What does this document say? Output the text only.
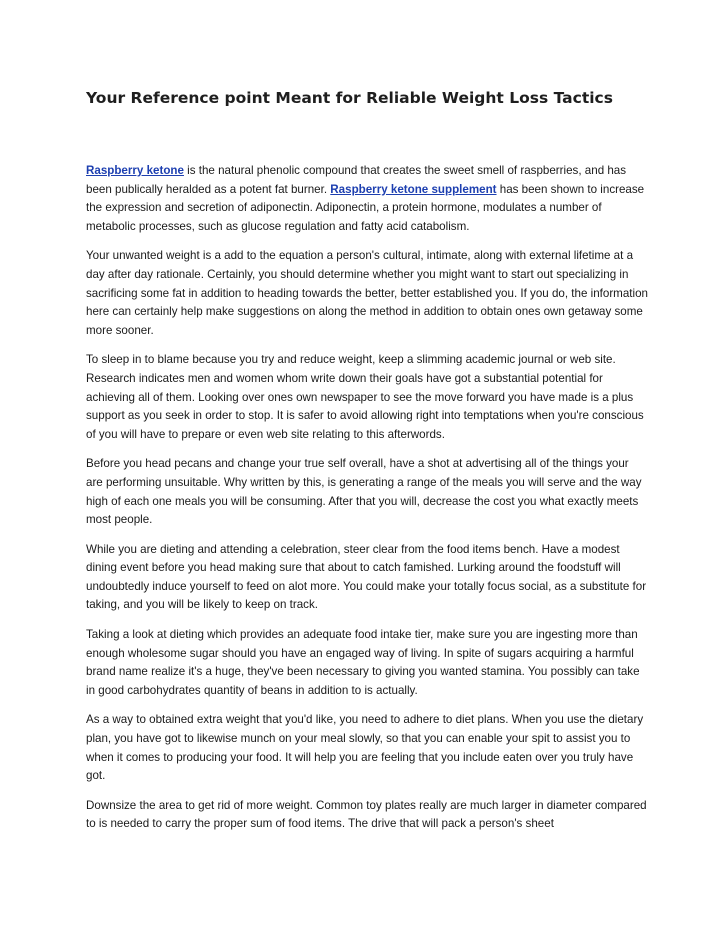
Your Reference point Meant for Reliable Weight Loss Tactics

Raspberry ketone is the natural phenolic compound that creates the sweet smell of raspberries, and has been publically heralded as a potent fat burner. Raspberry ketone supplement has been shown to increase the expression and secretion of adiponectin. Adiponectin, a protein hormone, modulates a number of metabolic processes, such as glucose regulation and fatty acid catabolism.

Your unwanted weight is a add to the equation a person's cultural, intimate, along with external lifetime at a day after day rationale. Certainly, you should determine whether you might want to start out specializing in sacrificing some fat in addition to heading towards the better, better established you. If you do, the information here can certainly help make suggestions on along the method in addition to obtain ones own getaway some more sooner.

To sleep in to blame because you try and reduce weight, keep a slimming academic journal or web site. Research indicates men and women whom write down their goals have got a substantial potential for achieving all of them. Looking over ones own newspaper to see the move forward you have made is a plus support as you seek in order to stop. It is safer to avoid allowing right into temptations when you're conscious of you will have to prepare or even web site relating to this afterwords.

Before you head pecans and change your true self overall, have a shot at advertising all of the things your are performing unsuitable. Why written by this, is generating a range of the meals you will serve and the way high of each one meals you will be consuming. After that you will, decrease the cost you what exactly meets most people.

While you are dieting and attending a celebration, steer clear from the food items bench. Have a modest dining event before you head making sure that about to catch famished. Lurking around the foodstuff will undoubtedly induce yourself to feed on alot more. You could make your totally focus social, as a substitute for taking, and you will be likely to keep on track.

Taking a look at dieting which provides an adequate food intake tier, make sure you are ingesting more than enough wholesome sugar should you have an engaged way of living. In spite of sugars acquiring a harmful brand name realize it's a huge, they've been necessary to giving you wanted stamina. You possibly can take in good carbohydrates quantity of beans in addition to is actually.

As a way to obtained extra weight that you'd like, you need to adhere to diet plans. When you use the dietary plan, you have got to likewise munch on your meal slowly, so that you can enable your spit to assist you to when it comes to producing your food. It will help you are feeling that you include eaten over you truly have got.

Downsize the area to get rid of more weight. Common toy plates really are much larger in diameter compared to is needed to carry the proper sum of food items. The drive that will pack a person's sheet
